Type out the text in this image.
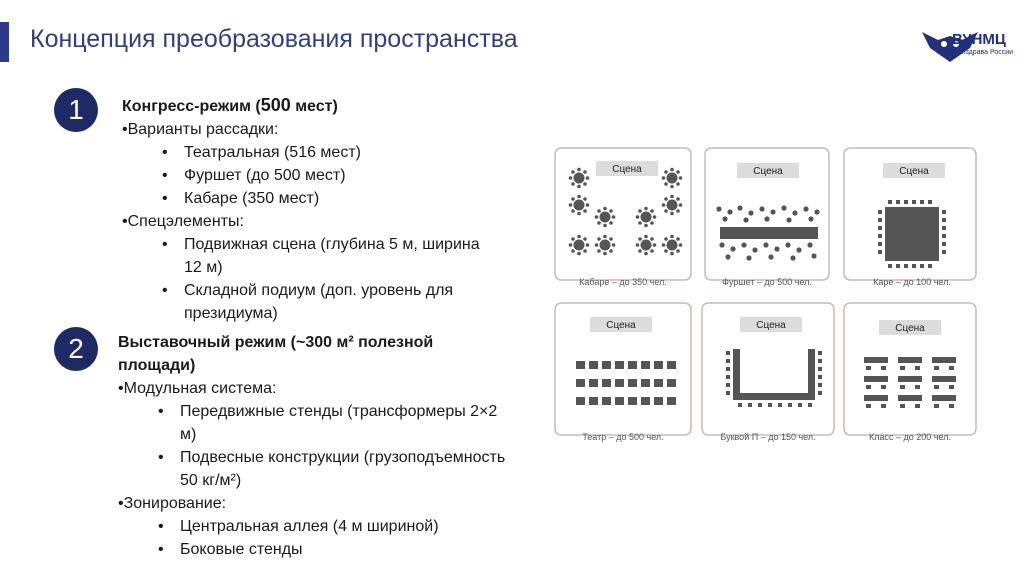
Концепция преобразования пространства	ВУНМЦ
Минздрава России
1	Конгресс-режим (500 мест)
•Варианты рассадки:
• Театральная (516 мест)
• Фуршет (до 500 мест)
• Кабаре (350 мест)
•Спецэлементы:
• Подвижная сцена (глубина 5 м, ширина 12 м)
• Складной подиум (доп. уровень для президиума)
2	Выставочный режим (~300 м² полезной площади)
•Модульная система:
• Передвижные стенды (трансформеры 2×2 м)
• Подвесные конструкции (грузоподъемность 50 кг/м²)
•Зонирование:
• Центральная аллея (4 м шириной)
• Боковые стенды
Сцена
Кабаре – до 350 чел.
Сцена
Фуршет – до 500 чел.
Сцена
Каре – до 100 чел.
Сцена
Театр – до 500 чел.
Сцена
Буквой П – до 150 чел.
Сцена
Класс – до 200 чел.
